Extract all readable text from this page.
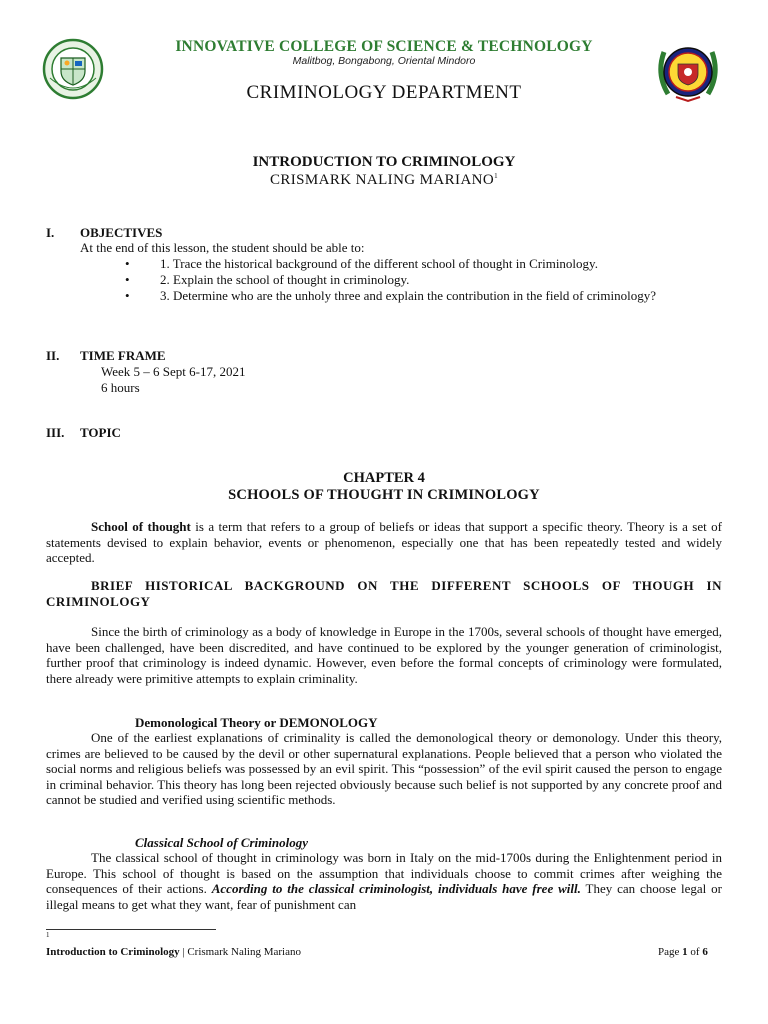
INNOVATIVE COLLEGE OF SCIENCE & TECHNOLOGY
Malitbog, Bongabong, Oriental Mindoro
CRIMINOLOGY DEPARTMENT
INTRODUCTION TO CRIMINOLOGY
CRISMARK NALING MARIANO$^1$
I. OBJECTIVES
At the end of this lesson, the student should be able to:
• 1. Trace the historical background of the different school of thought in Criminology.
• 2. Explain the school of thought in criminology.
• 3. Determine who are the unholy three and explain the contribution in the field of criminology?
II. TIME FRAME
Week 5 – 6 Sept 6-17, 2021
6 hours
III. TOPIC
CHAPTER 4
SCHOOLS OF THOUGHT IN CRIMINOLOGY

School of thought is a term that refers to a group of beliefs or ideas that support a specific theory. Theory is a set of statements devised to explain behavior, events or phenomenon, especially one that has been repeatedly tested and widely accepted.

BRIEF HISTORICAL BACKGROUND ON THE DIFFERENT SCHOOLS OF THOUGH IN CRIMINOLOGY

Since the birth of criminology as a body of knowledge in Europe in the 1700s, several schools of thought have emerged, have been challenged, have been discredited, and have continued to be explored by the younger generation of criminologist, further proof that criminology is indeed dynamic. However, even before the formal concepts of criminology were formulated, there already were primitive attempts to explain criminality.

Demonological Theory or DEMONOLOGY

One of the earliest explanations of criminality is called the demonological theory or demonology. Under this theory, crimes are believed to be caused by the devil or other supernatural explanations. People believed that a person who violated the social norms and religious beliefs was possessed by an evil spirit. This “possession” of the evil spirit caused the person to engage in criminal behavior. This theory has long been rejected obviously because such belief is not supported by any concrete proof and cannot be studied and verified using scientific methods.

Classical School of Criminology

The classical school of thought in criminology was born in Italy on the mid-1700s during the Enlightenment period in Europe. This school of thought is based on the assumption that individuals choose to commit crimes after weighing the consequences of their actions. According to the classical criminologist, individuals have free will. They can choose legal or illegal means to get what they want, fear of punishment can

1
Introduction to Criminology | Crismark Naling Mariano	Page 1 of 6
